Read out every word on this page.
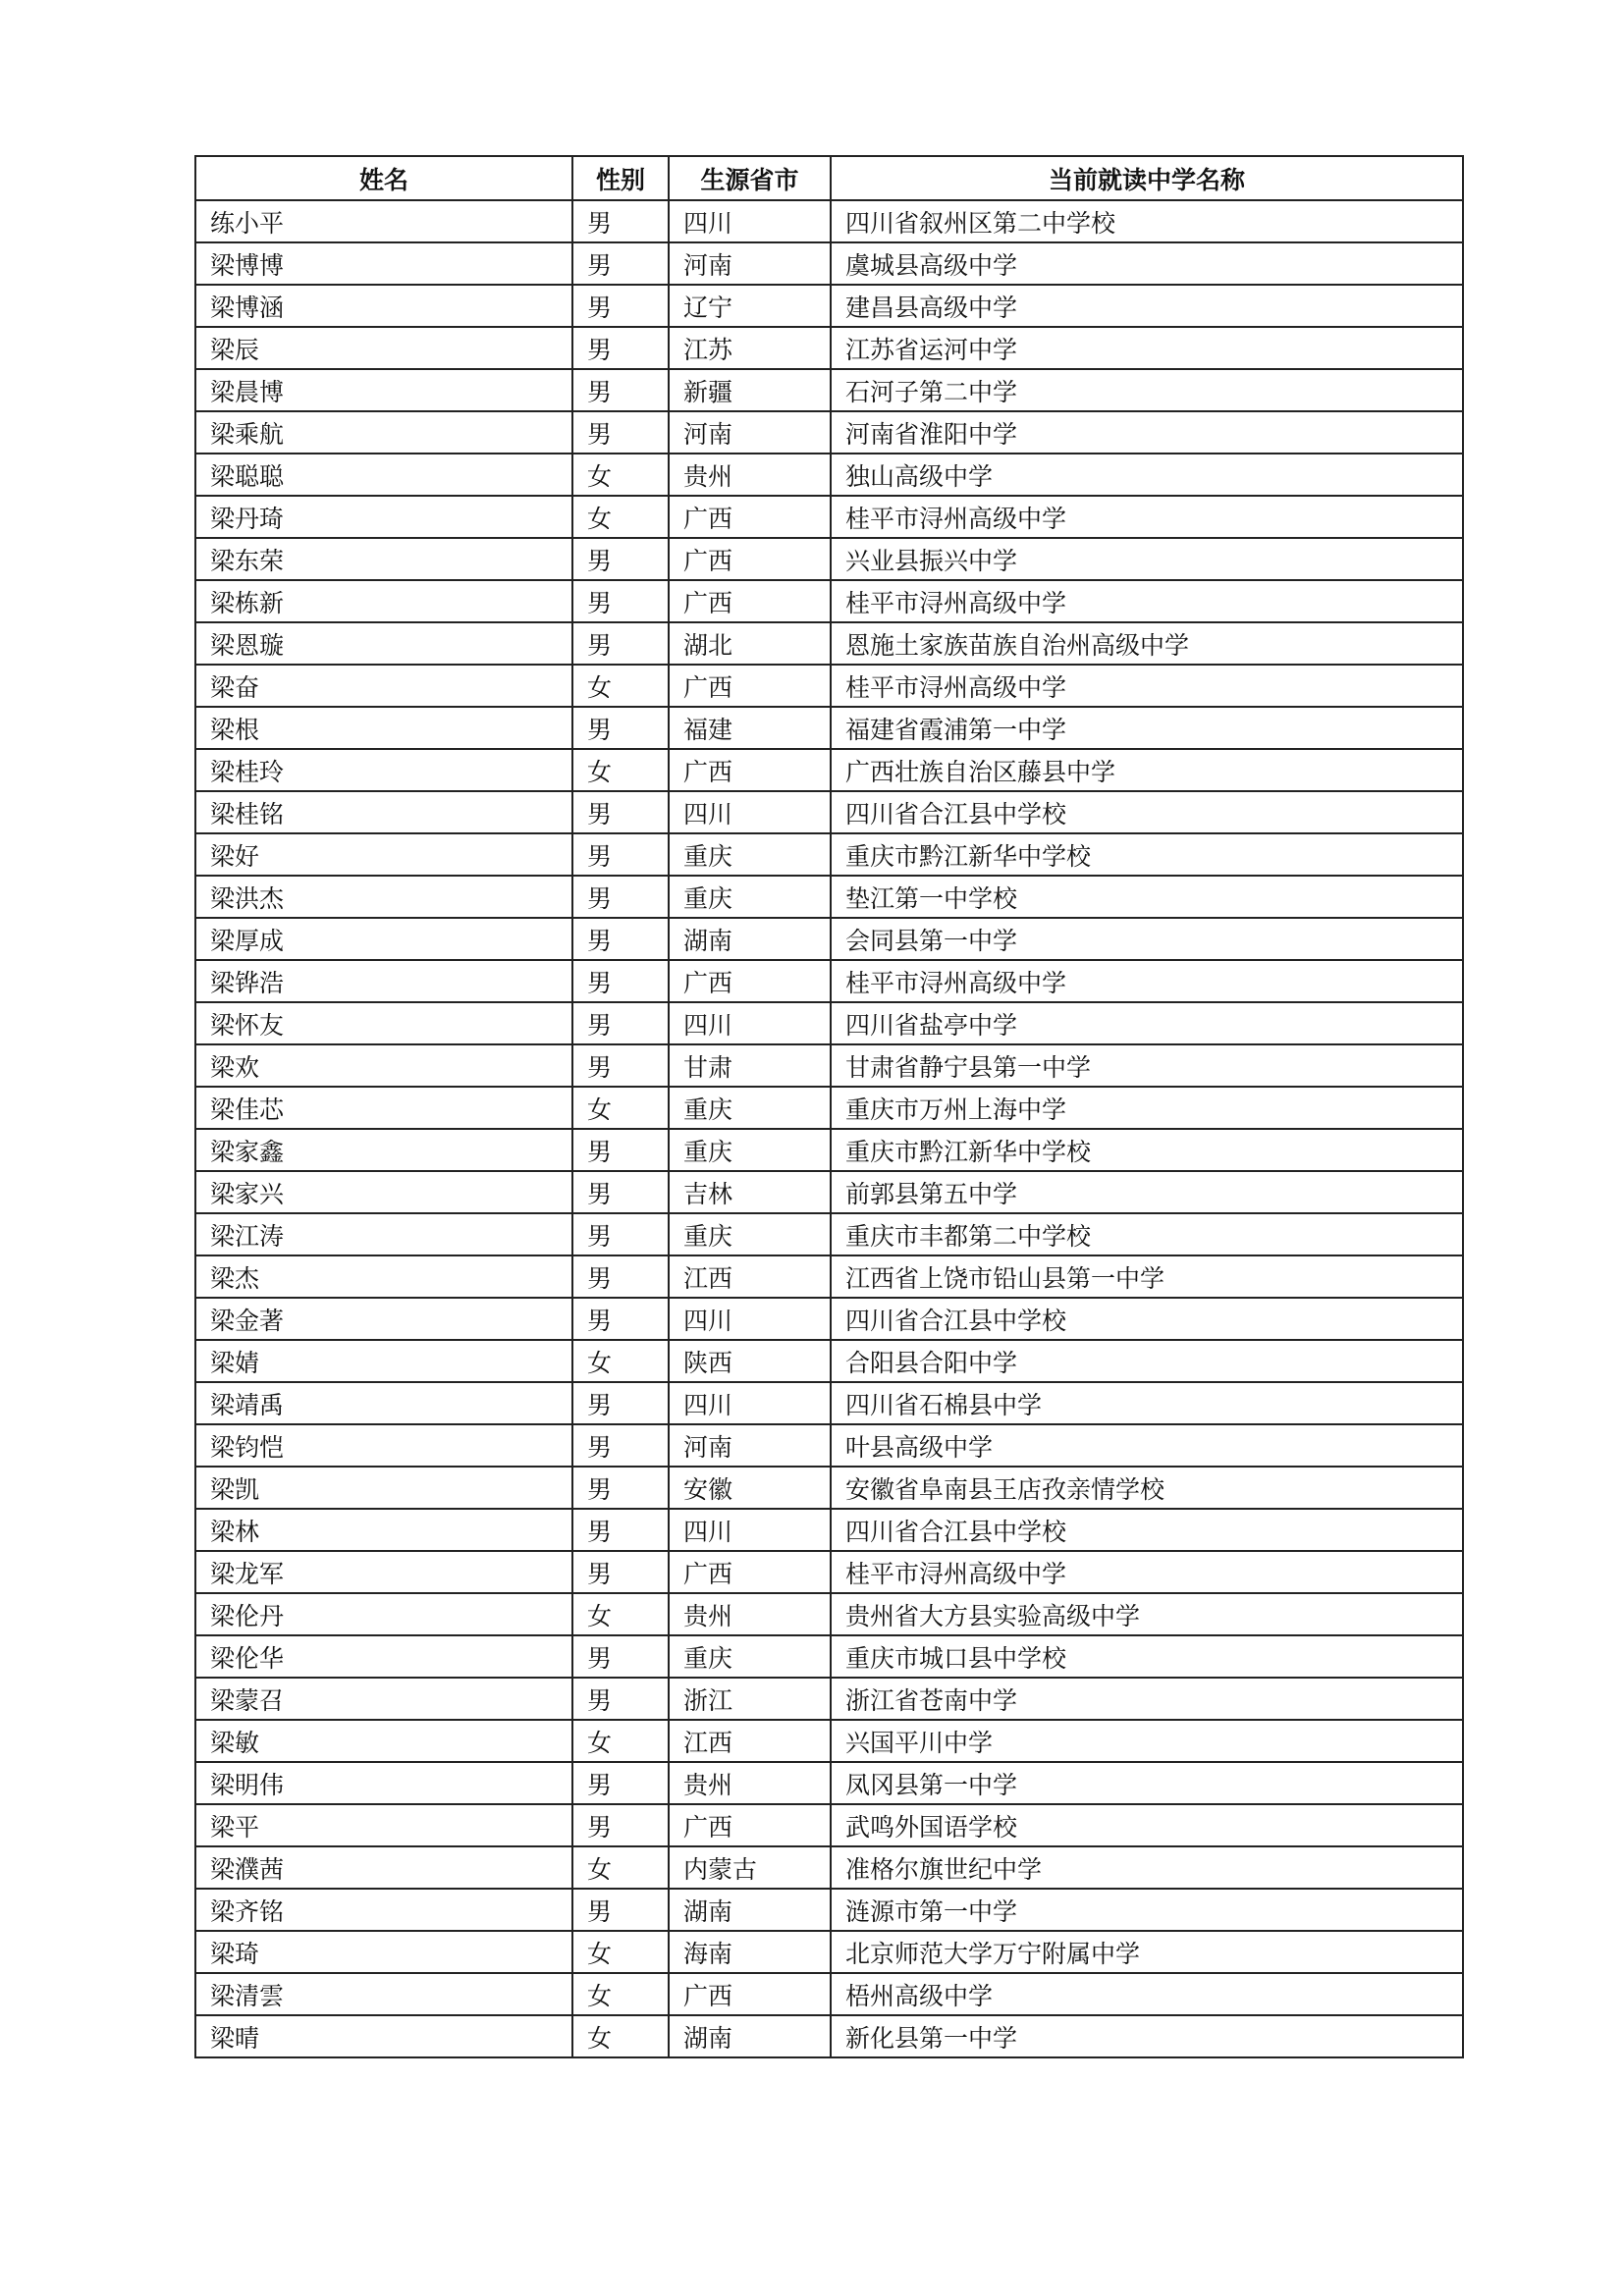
姓名	性别	生源省市	当前就读中学名称
练小平	男	四川	四川省叙州区第二中学校
梁博博	男	河南	虞城县高级中学
梁博涵	男	辽宁	建昌县高级中学
梁辰	男	江苏	江苏省运河中学
梁晨博	男	新疆	石河子第二中学
梁乘航	男	河南	河南省淮阳中学
梁聪聪	女	贵州	独山高级中学
梁丹琦	女	广西	桂平市浔州高级中学
梁东荣	男	广西	兴业县振兴中学
梁栋新	男	广西	桂平市浔州高级中学
梁恩璇	男	湖北	恩施土家族苗族自治州高级中学
梁奋	女	广西	桂平市浔州高级中学
梁根	男	福建	福建省霞浦第一中学
梁桂玲	女	广西	广西壮族自治区藤县中学
梁桂铭	男	四川	四川省合江县中学校
梁好	男	重庆	重庆市黔江新华中学校
梁洪杰	男	重庆	垫江第一中学校
梁厚成	男	湖南	会同县第一中学
梁铧浩	男	广西	桂平市浔州高级中学
梁怀友	男	四川	四川省盐亭中学
梁欢	男	甘肃	甘肃省静宁县第一中学
梁佳芯	女	重庆	重庆市万州上海中学
梁家鑫	男	重庆	重庆市黔江新华中学校
梁家兴	男	吉林	前郭县第五中学
梁江涛	男	重庆	重庆市丰都第二中学校
梁杰	男	江西	江西省上饶市铅山县第一中学
梁金著	男	四川	四川省合江县中学校
梁婧	女	陕西	合阳县合阳中学
梁靖禹	男	四川	四川省石棉县中学
梁钧恺	男	河南	叶县高级中学
梁凯	男	安徽	安徽省阜南县王店孜亲情学校
梁林	男	四川	四川省合江县中学校
梁龙军	男	广西	桂平市浔州高级中学
梁伦丹	女	贵州	贵州省大方县实验高级中学
梁伦华	男	重庆	重庆市城口县中学校
梁蒙召	男	浙江	浙江省苍南中学
梁敏	女	江西	兴国平川中学
梁明伟	男	贵州	凤冈县第一中学
梁平	男	广西	武鸣外国语学校
梁濮茜	女	内蒙古	准格尔旗世纪中学
梁齐铭	男	湖南	涟源市第一中学
梁琦	女	海南	北京师范大学万宁附属中学
梁清雲	女	广西	梧州高级中学
梁晴	女	湖南	新化县第一中学
